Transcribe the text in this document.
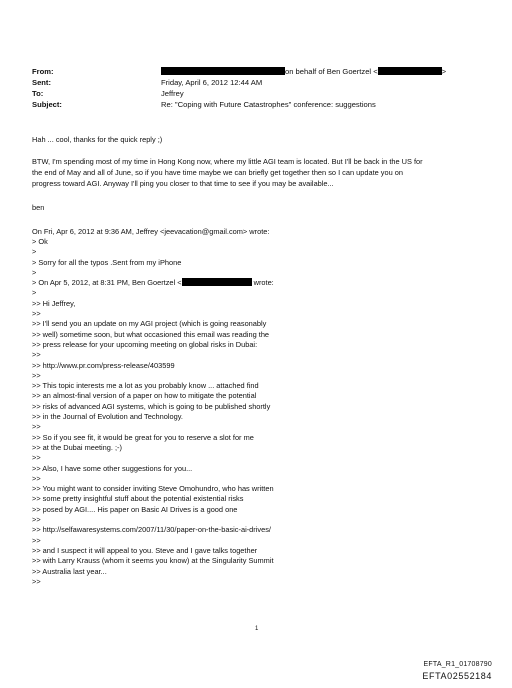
From:	on behalf of Ben Goertzel <	>
Sent:	Friday, April 6, 2012 12:44 AM
To:	Jeffrey
Subject:	Re: "Coping with Future Catastrophes" conference: suggestions

Hah ... cool, thanks for the quick reply ;)

BTW, I'm spending most of my time in Hong Kong now, where my little AGI team is located. But I'll be back in the US for

the end of May and all of June, so if you have time maybe we can briefly get together then so I can update you on

progress toward AGI. Anyway I'll ping you closer to that time to see if you may be available...

ben

On Fri, Apr 6, 2012 at 9:36 AM, Jeffrey <jeevacation@gmail.com> wrote:

> Ok
>
> Sorry for all the typos .Sent from my iPhone
>
> On Apr 5, 2012, at 8:31 PM, Ben Goertzel <	wrote:
>
>> Hi Jeffrey,
>>
>> I'll send you an update on my AGI project (which is going reasonably
>> well) sometime soon, but what occasioned this email was reading the
>> press release for your upcoming meeting on global risks in Dubai:
>>
>> http://www.pr.com/press-release/403599
>>
>> This topic interests me a lot as you probably know ... attached find
>> an almost-final version of a paper on how to mitigate the potential
>> risks of advanced AGI systems, which is going to be published shortly
>> in the Journal of Evolution and Technology.
>>
>> So if you see fit, it would be great for you to reserve a slot for me
>> at the Dubai meeting. ;-)
>>
>> Also, I have some other suggestions for you...
>>
>> You might want to consider inviting Steve Omohundro, who has written
>> some pretty insightful stuff about the potential existential risks
>> posed by AGI.... His paper on Basic AI Drives is a good one
>>
>> http://selfawaresystems.com/2007/11/30/paper-on-the-basic-ai-drives/
>>
>> and I suspect it will appeal to you. Steve and I gave talks together
>> with Larry Krauss (whom it seems you know) at the Singularity Summit
>> Australia last year...
>>
1
EFTA_R1_01708790
EFTA02552184
